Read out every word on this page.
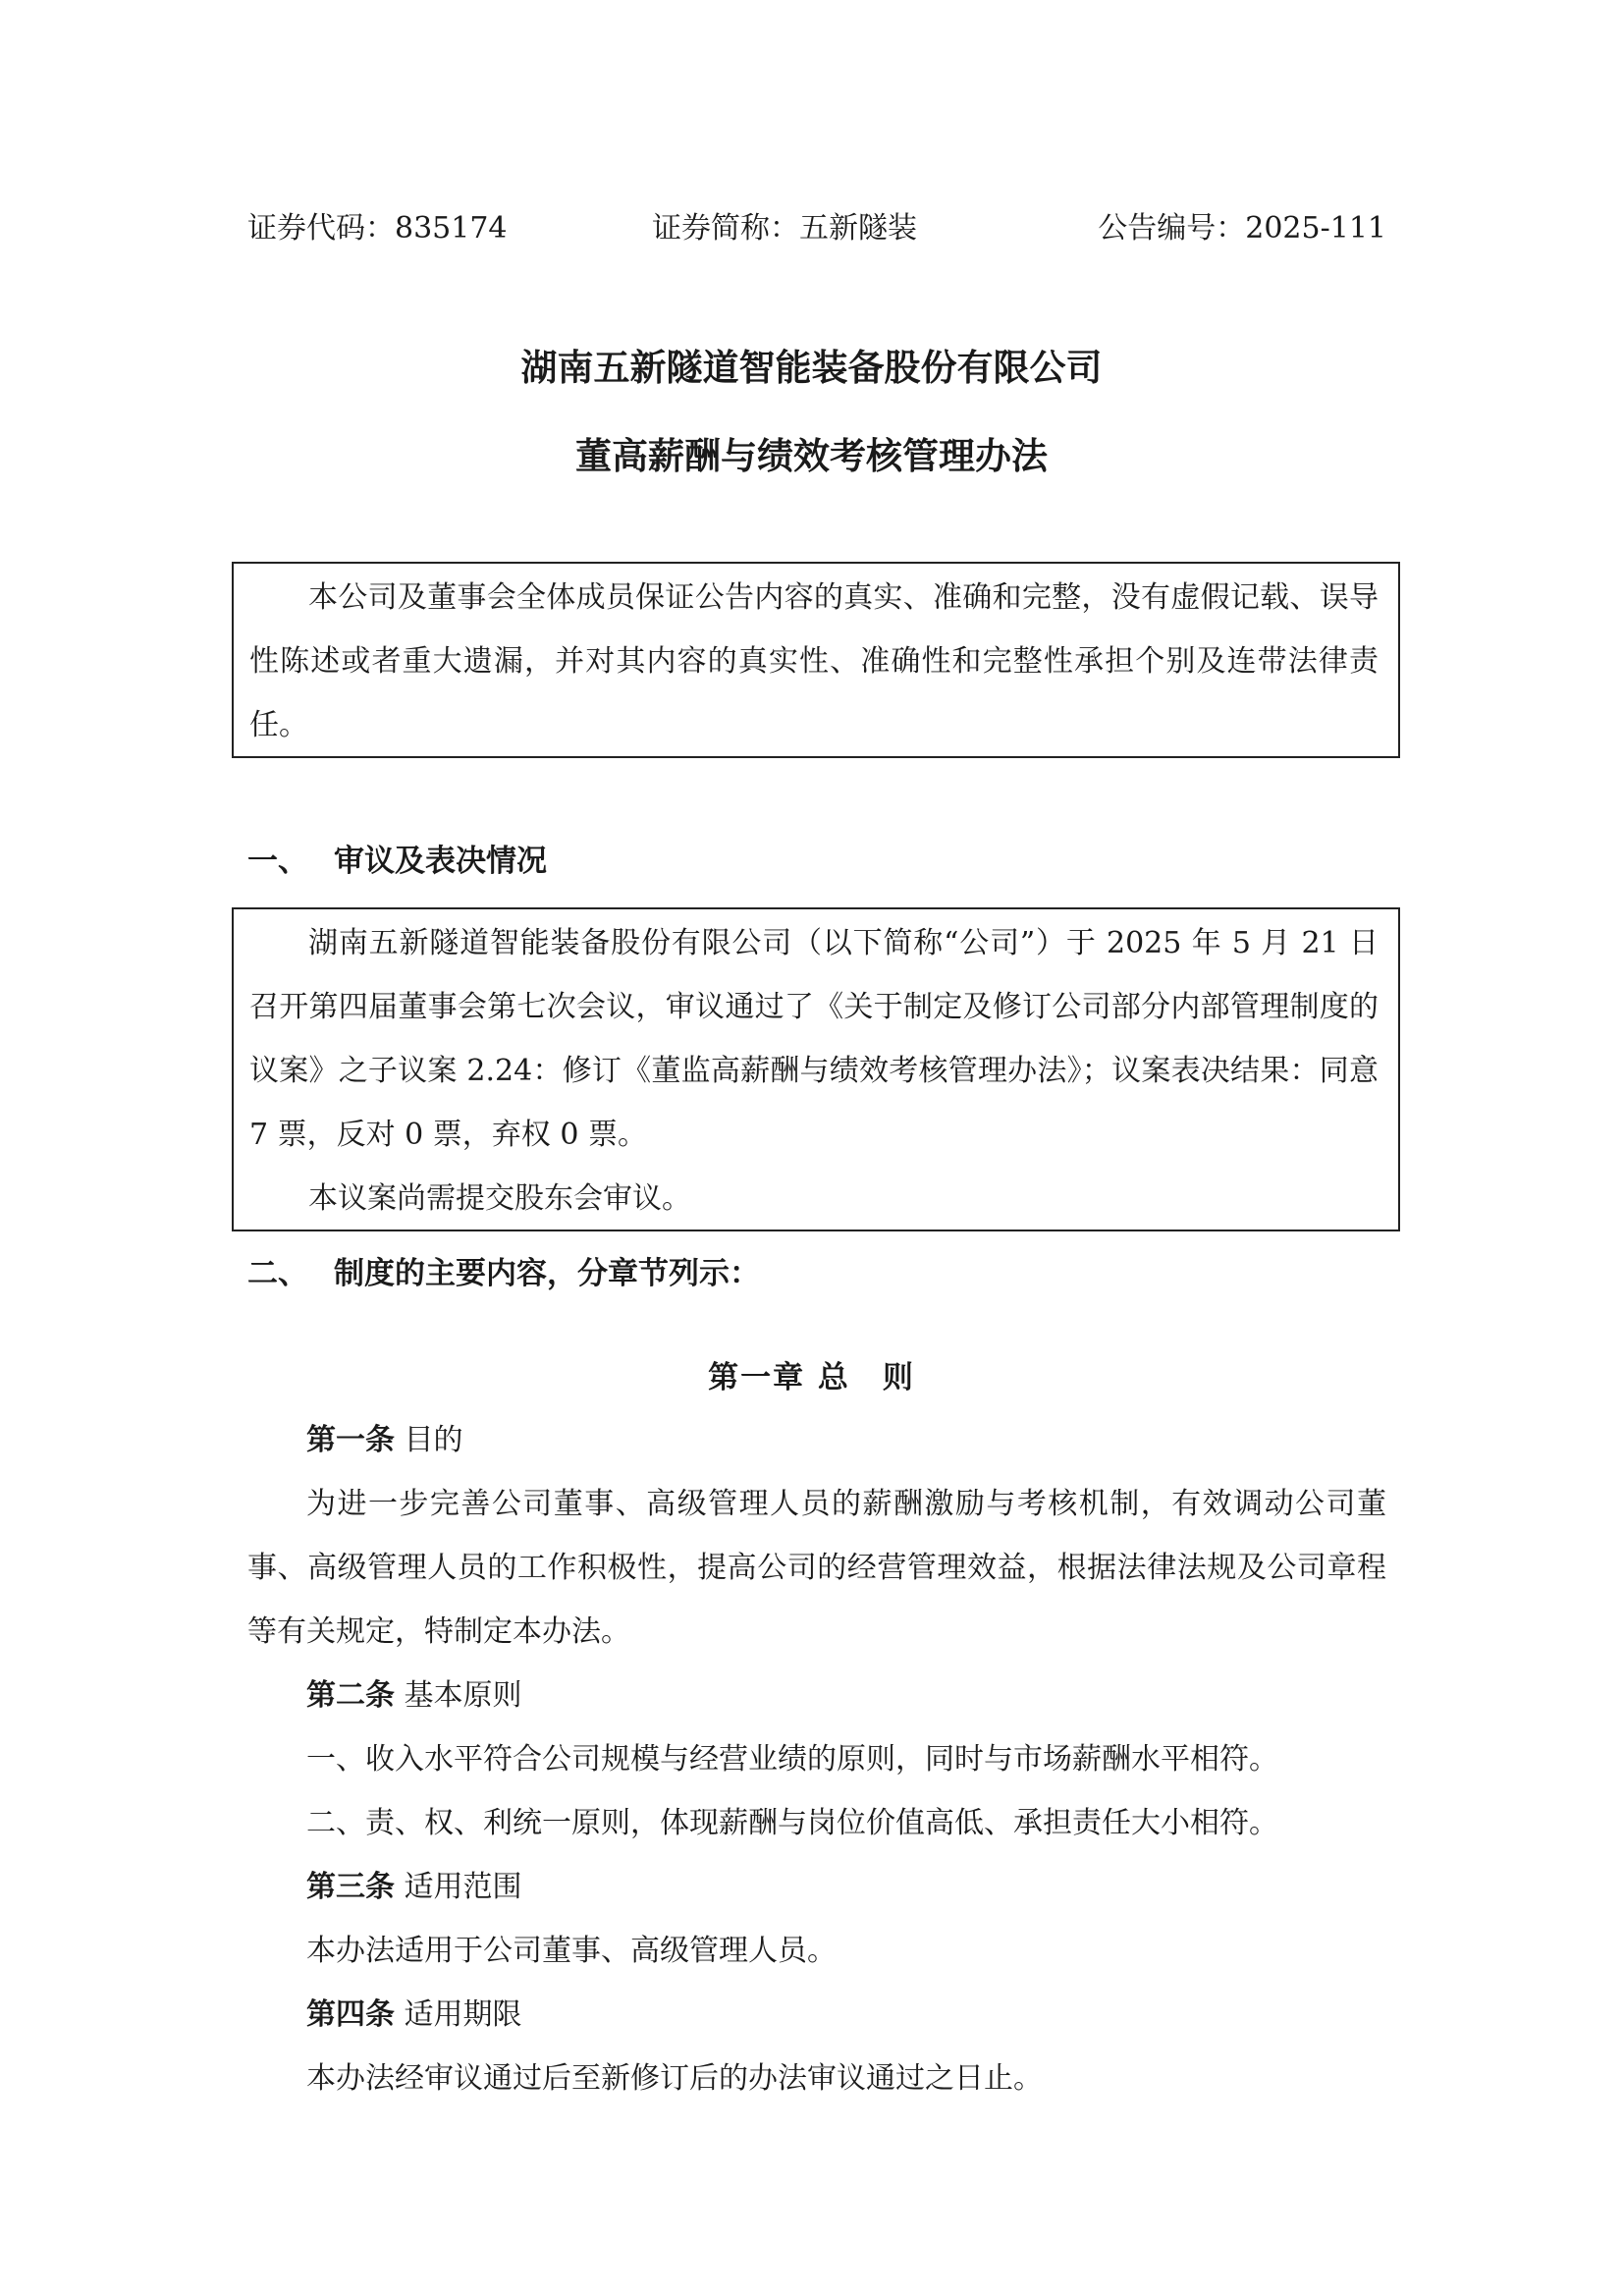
证券代码：835174	证券简称：五新隧装	公告编号：2025-111
湖南五新隧道智能装备股份有限公司
董高薪酬与绩效考核管理办法

本公司及董事会全体成员保证公告内容的真实、准确和完整，没有虚假记载、误导性陈述或者重大遗漏，并对其内容的真实性、准确性和完整性承担个别及连带法律责任。

一、 审议及表决情况

湖南五新隧道智能装备股份有限公司（以下简称“公司”）于 2025 年 5 月 21 日召开第四届董事会第七次会议，审议通过了《关于制定及修订公司部分内部管理制度的议案》之子议案 2.24：修订《董监高薪酬与绩效考核管理办法》；议案表决结果：同意 7 票，反对 0 票，弃权 0 票。

本议案尚需提交股东会审议。

二、 制度的主要内容，分章节列示：
第一章 总　则

第一条 目的

为进一步完善公司董事、高级管理人员的薪酬激励与考核机制，有效调动公司董事、高级管理人员的工作积极性，提高公司的经营管理效益，根据法律法规及公司章程等有关规定，特制定本办法。

第二条 基本原则

一、收入水平符合公司规模与经营业绩的原则，同时与市场薪酬水平相符。

二、责、权、利统一原则，体现薪酬与岗位价值高低、承担责任大小相符。

第三条 适用范围

本办法适用于公司董事、高级管理人员。

第四条 适用期限

本办法经审议通过后至新修订后的办法审议通过之日止。
